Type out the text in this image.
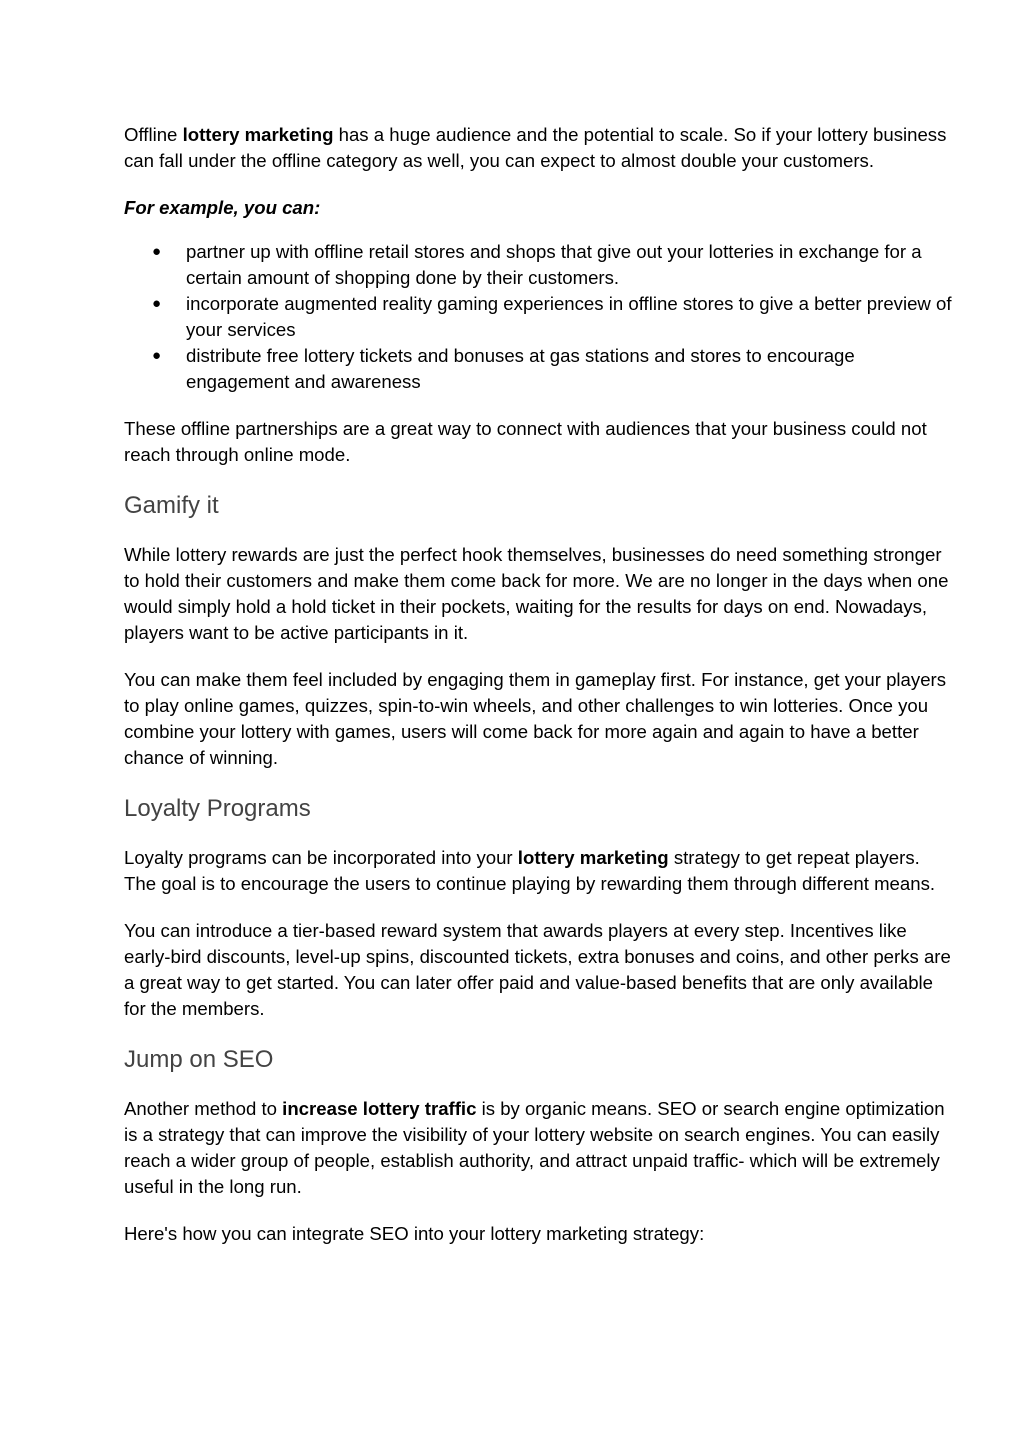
Offline lottery marketing has a huge audience and the potential to scale. So if your lottery business can fall under the offline category as well, you can expect to almost double your customers.

For example, you can:

● partner up with offline retail stores and shops that give out your lotteries in exchange for a certain amount of shopping done by their customers.
● incorporate augmented reality gaming experiences in offline stores to give a better preview of your services
● distribute free lottery tickets and bonuses at gas stations and stores to encourage engagement and awareness

These offline partnerships are a great way to connect with audiences that your business could not reach through online mode.

Gamify it

While lottery rewards are just the perfect hook themselves, businesses do need something stronger to hold their customers and make them come back for more. We are no longer in the days when one would simply hold a hold ticket in their pockets, waiting for the results for days on end. Nowadays, players want to be active participants in it.

You can make them feel included by engaging them in gameplay first. For instance, get your players to play online games, quizzes, spin-to-win wheels, and other challenges to win lotteries. Once you combine your lottery with games, users will come back for more again and again to have a better chance of winning.

Loyalty Programs

Loyalty programs can be incorporated into your lottery marketing strategy to get repeat players. The goal is to encourage the users to continue playing by rewarding them through different means.

You can introduce a tier-based reward system that awards players at every step. Incentives like early-bird discounts, level-up spins, discounted tickets, extra bonuses and coins, and other perks are a great way to get started. You can later offer paid and value-based benefits that are only available for the members.

Jump on SEO

Another method to increase lottery traffic is by organic means. SEO or search engine optimization is a strategy that can improve the visibility of your lottery website on search engines. You can easily reach a wider group of people, establish authority, and attract unpaid traffic- which will be extremely useful in the long run.

Here's how you can integrate SEO into your lottery marketing strategy:
